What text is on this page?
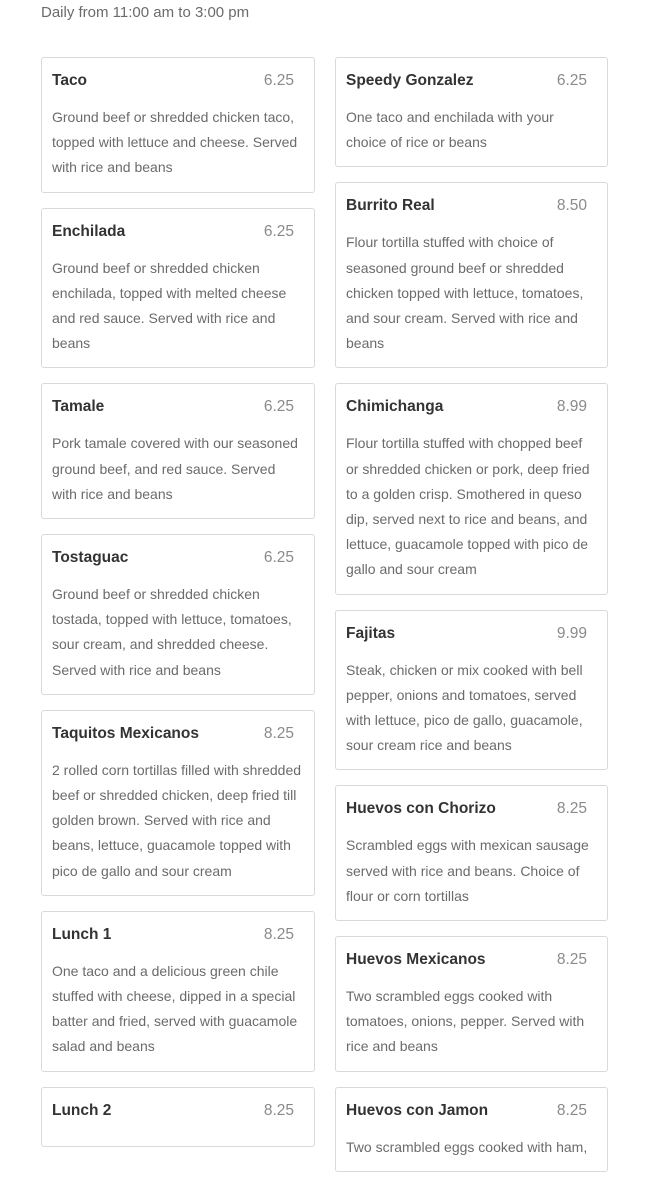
Daily from 11:00 am to 3:00 pm
Taco	6.25
Ground beef or shredded chicken taco, topped with lettuce and cheese. Served with rice and beans
Enchilada	6.25
Ground beef or shredded chicken enchilada, topped with melted cheese and red sauce. Served with rice and beans
Tamale	6.25
Pork tamale covered with our seasoned ground beef, and red sauce. Served with rice and beans
Tostaguac	6.25
Ground beef or shredded chicken tostada, topped with lettuce, tomatoes, sour cream, and shredded cheese. Served with rice and beans
Taquitos Mexicanos	8.25
2 rolled corn tortillas filled with shredded beef or shredded chicken, deep fried till golden brown. Served with rice and beans, lettuce, guacamole topped with pico de gallo and sour cream
Lunch 1	8.25
One taco and a delicious green chile stuffed with cheese, dipped in a special batter and fried, served with guacamole salad and beans
Lunch 2	8.25
Speedy Gonzalez	6.25
One taco and enchilada with your choice of rice or beans
Burrito Real	8.50
Flour tortilla stuffed with choice of seasoned ground beef or shredded chicken topped with lettuce, tomatoes, and sour cream. Served with rice and beans
Chimichanga	8.99
Flour tortilla stuffed with chopped beef or shredded chicken or pork, deep fried to a golden crisp. Smothered in queso dip, served next to rice and beans, and lettuce, guacamole topped with pico de gallo and sour cream
Fajitas	9.99
Steak, chicken or mix cooked with bell pepper, onions and tomatoes, served with lettuce, pico de gallo, guacamole, sour cream rice and beans
Huevos con Chorizo	8.25
Scrambled eggs with mexican sausage served with rice and beans. Choice of flour or corn tortillas
Huevos Mexicanos	8.25
Two scrambled eggs cooked with tomatoes, onions, pepper. Served with rice and beans
Huevos con Jamon	8.25
Two scrambled eggs cooked with ham,
